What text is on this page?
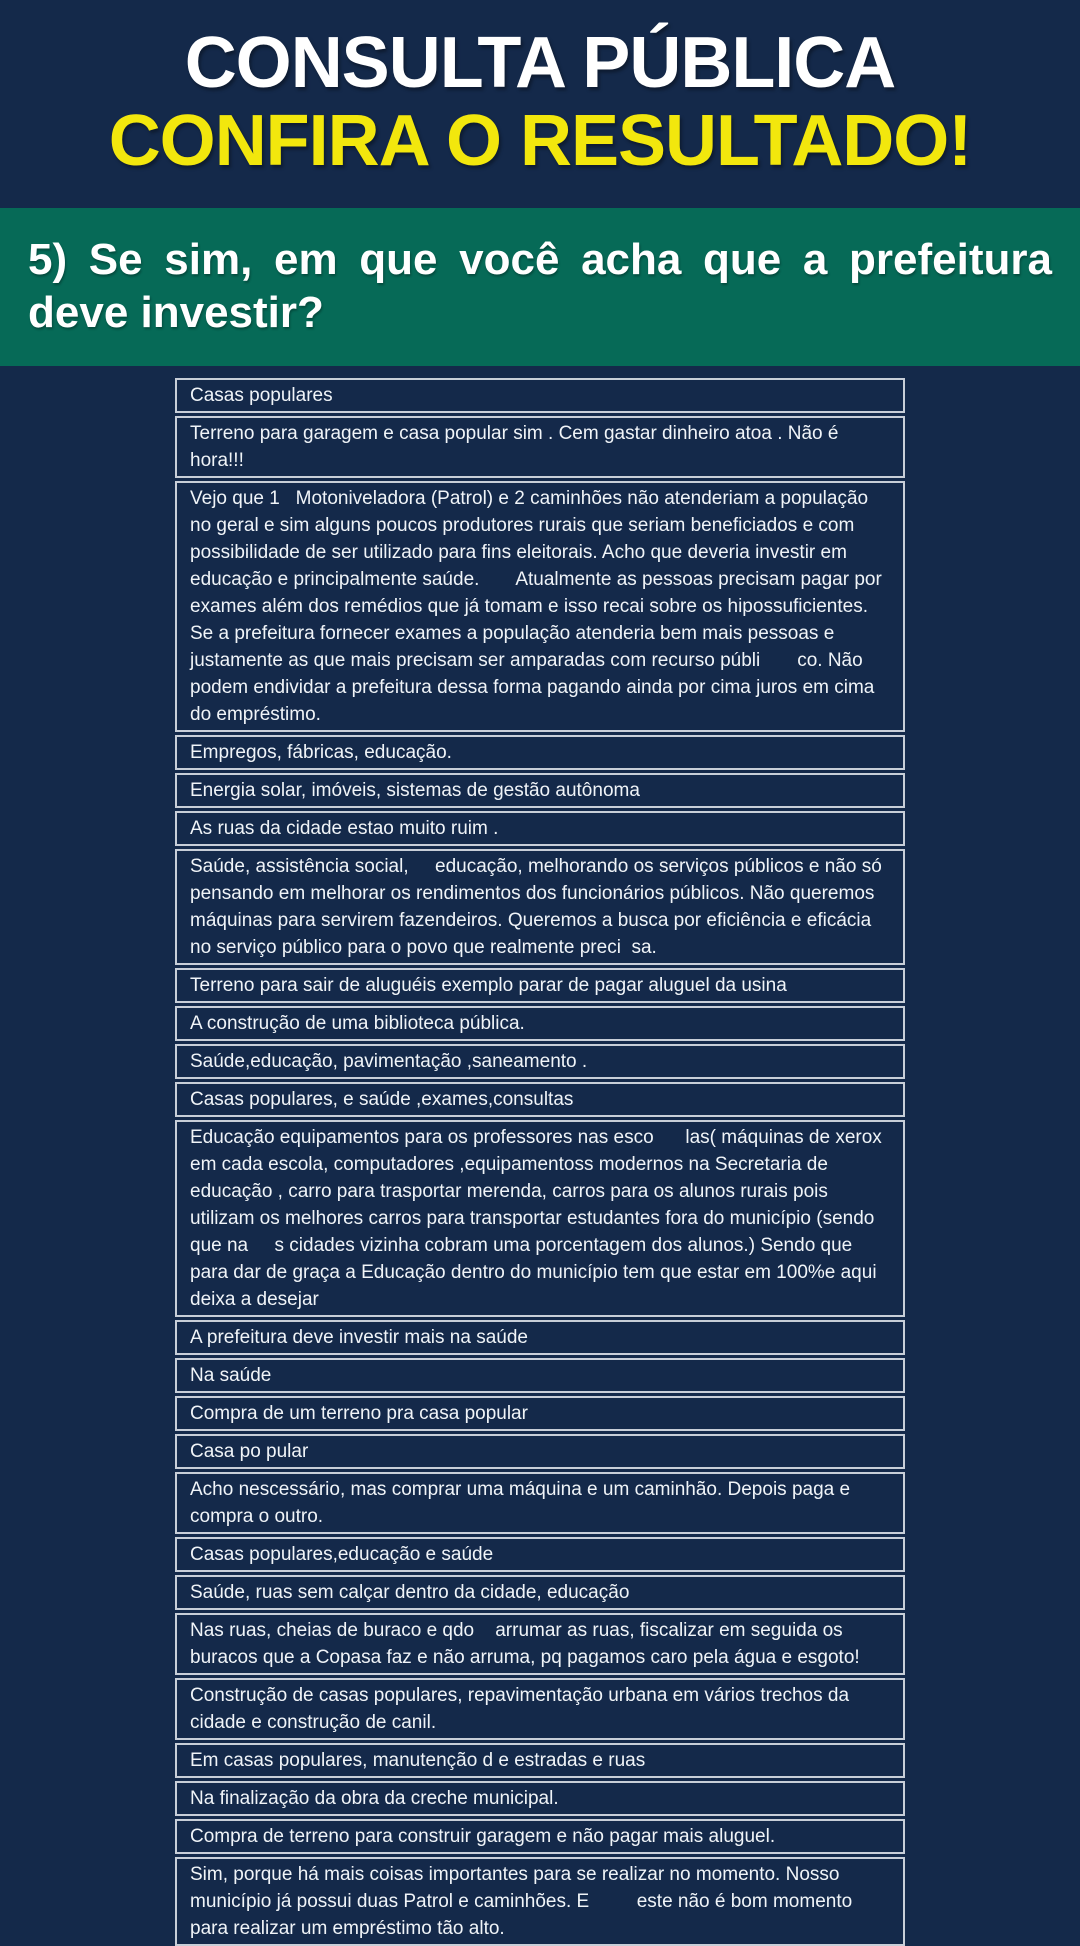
CONSULTA PÚBLICA
CONFIRA O RESULTADO!
5) Se sim, em que você acha que a prefeitura
deve investir?
Casas populares
Terreno para garagem e casa popular sim . Cem gastar dinheiro atoa . Não é hora!!!
Vejo que 1   Motoniveladora (Patrol) e 2 caminhões não atenderiam a população no geral e sim alguns poucos produtores rurais que seriam beneficiados e com possibilidade de ser utilizado para fins eleitorais. Acho que deveria investir em educação e principalmente saúde.       Atualmente as pessoas precisam pagar por exames além dos remédios que já tomam e isso recai sobre os hipossuficientes. Se a prefeitura fornecer exames a população atenderia bem mais pessoas e justamente as que mais precisam ser amparadas com recurso públi       co. Não podem endividar a prefeitura dessa forma pagando ainda por cima juros em cima do empréstimo.
Empregos, fábricas, educação.
Energia solar, imóveis, sistemas de gestão autônoma
As ruas da cidade estao muito ruim .
Saúde, assistência social,     educação, melhorando os serviços públicos e não só pensando em melhorar os rendimentos dos funcionários públicos. Não queremos máquinas para servirem fazendeiros. Queremos a busca por eficiência e eficácia no serviço público para o povo que realmente preci  sa.
Terreno para sair de aluguéis exemplo parar de pagar aluguel da usina
A construção de uma biblioteca pública.
Saúde,educação, pavimentação ,saneamento .
Casas populares, e saúde ,exames,consultas
Educação equipamentos para os professores nas esco      las( máquinas de xerox em cada escola, computadores ,equipamentoss modernos na Secretaria de educação , carro para trasportar merenda, carros para os alunos rurais pois utilizam os melhores carros para transportar estudantes fora do município (sendo que na     s cidades vizinha cobram uma porcentagem dos alunos.) Sendo que para dar de graça a Educação dentro do município tem que estar em 100%e aqui deixa a desejar
A prefeitura deve investir mais na saúde
Na saúde
Compra de um terreno pra casa popular
Casa po pular
Acho nescessário, mas comprar uma máquina e um caminhão. Depois paga e compra o outro.
Casas populares,educação e saúde
Saúde, ruas sem calçar dentro da cidade, educação
Nas ruas, cheias de buraco e qdo    arrumar as ruas, fiscalizar em seguida os buracos que a Copasa faz e não arruma, pq pagamos caro pela água e esgoto!
Construção de casas populares, repavimentação urbana em vários trechos da cidade e construção de canil.
Em casas populares, manutenção d e estradas e ruas
Na finalização da obra da creche municipal.
Compra de terreno para construir garagem e não pagar mais aluguel.
Sim, porque há mais coisas importantes para se realizar no momento. Nosso município já possui duas Patrol e caminhões. E         este não é bom momento para realizar um empréstimo tão alto.
